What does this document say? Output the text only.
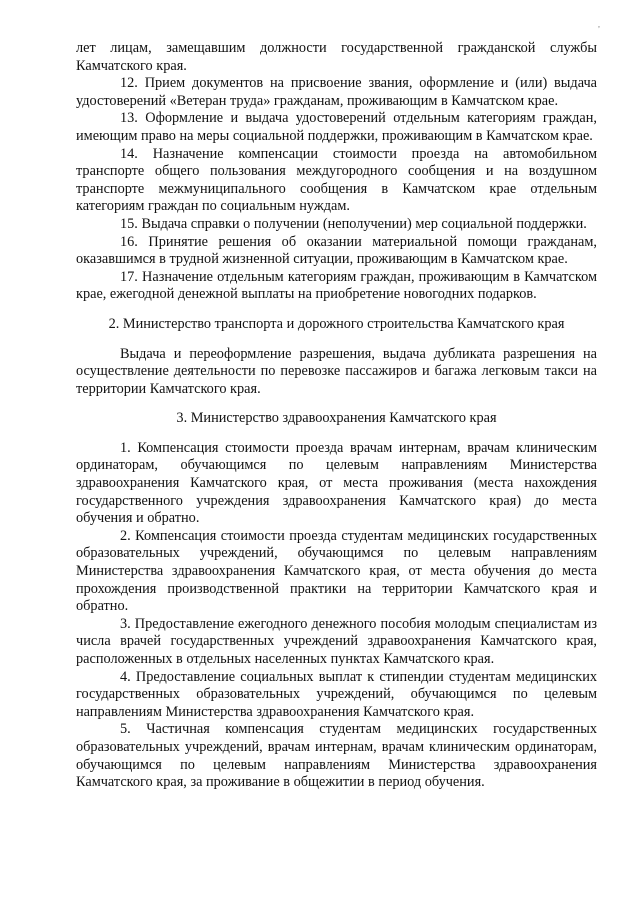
,

лет лицам, замещавшим должности государственной гражданской службы Камчатского края.

12. Прием документов на присвоение звания, оформление и (или) выдача удостоверений «Ветеран труда» гражданам, проживающим в Камчатском крае.

13. Оформление и выдача удостоверений отдельным категориям граждан, имеющим право на меры социальной поддержки, проживающим в Камчатском крае.

14. Назначение компенсации стоимости проезда на автомобильном транспорте общего пользования междугородного сообщения и на воздушном транспорте межмуниципального сообщения в Камчатском крае отдельным категориям граждан по социальным нуждам.

15. Выдача справки о получении (неполучении) мер социальной поддержки.

16. Принятие решения об оказании материальной помощи гражданам, оказавшимся в трудной жизненной ситуации, проживающим в Камчатском крае.

17. Назначение отдельным категориям граждан, проживающим в Камчатском крае, ежегодной денежной выплаты на приобретение новогодних подарков.

2. Министерство транспорта и дорожного строительства Камчатского края

Выдача и переоформление разрешения, выдача дубликата разрешения на осуществление деятельности по перевозке пассажиров и багажа легковым такси на территории Камчатского края.

3. Министерство здравоохранения Камчатского края

1. Компенсация стоимости проезда врачам интернам, врачам клиническим ординаторам, обучающимся по целевым направлениям Министерства здравоохранения Камчатского края, от места проживания (места нахождения государственного учреждения здравоохранения Камчатского края) до места обучения и обратно.

2. Компенсация стоимости проезда студентам медицинских государственных образовательных учреждений, обучающимся по целевым направлениям Министерства здравоохранения Камчатского края, от места обучения до места прохождения производственной практики на территории Камчатского края и обратно.

3. Предоставление ежегодного денежного пособия молодым специалистам из числа врачей государственных учреждений здравоохранения Камчатского края, расположенных в отдельных населенных пунктах Камчатского края.

4. Предоставление социальных выплат к стипендии студентам медицинских государственных образовательных учреждений, обучающимся по целевым направлениям Министерства здравоохранения Камчатского края.

5. Частичная компенсация студентам медицинских государственных образовательных учреждений, врачам интернам, врачам клиническим ординаторам, обучающимся по целевым направлениям Министерства здравоохранения Камчатского края, за проживание в общежитии в период обучения.
